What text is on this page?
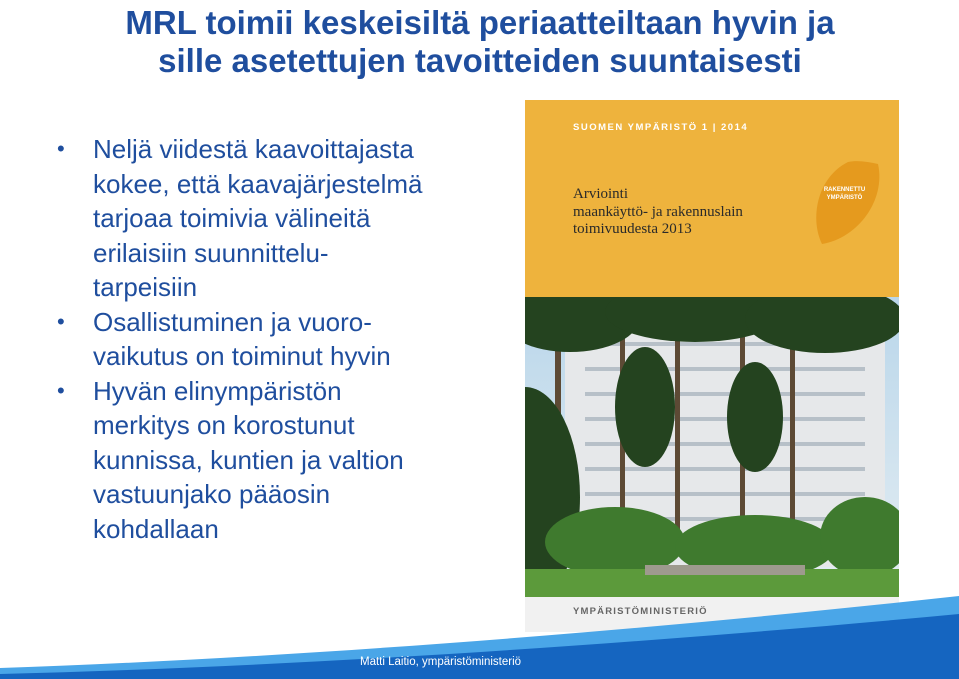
MRL toimii keskeisiltä periaatteiltaan hyvin ja
sille asetettujen tavoitteiden suuntaisesti
• Neljä viidestä kaavoittajasta
kokee, että kaavajärjestelmä
tarjoaa toimivia välineitä
erilaisiin suunnittelu-
tarpeisiin
• Osallistuminen ja vuoro-
vaikutus on toiminut hyvin
• Hyvän elinympäristön
merkitys on korostunut
kunnissa, kuntien ja valtion
vastuunjako pääosin
kohdallaan
SUOMEN YMPÄRISTÖ 1 | 2014
Arviointi
maankäyttö- ja rakennuslain
toimivuudesta 2013
RAKENNETTU
YMPÄRISTÖ
YMPÄRISTÖMINISTERIÖ
Matti Laitio, ympäristöministeriö
